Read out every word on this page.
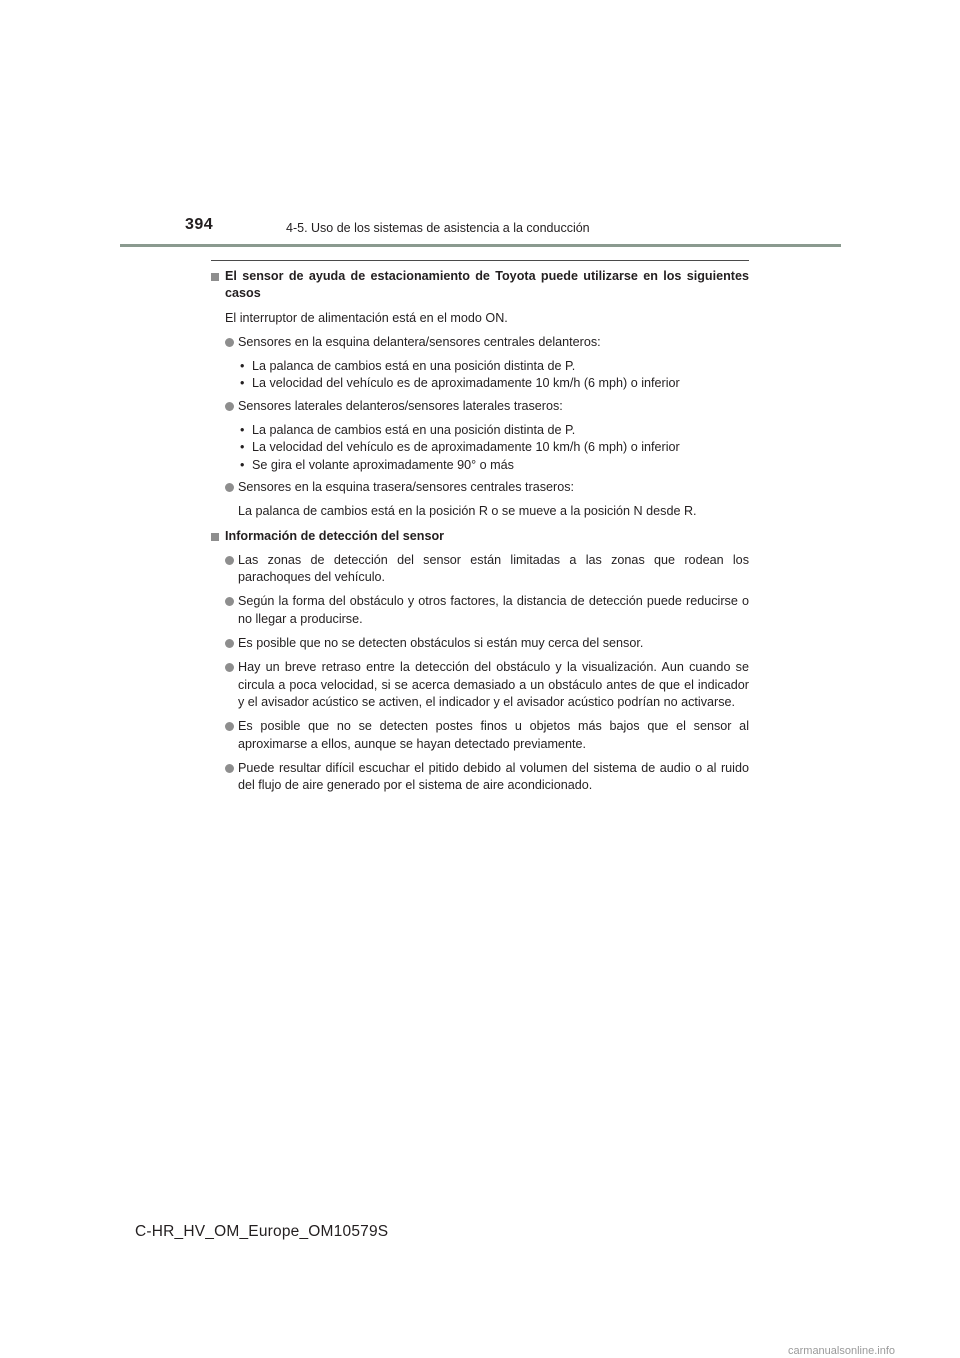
394	4-5. Uso de los sistemas de asistencia a la conducción
El sensor de ayuda de estacionamiento de Toyota puede utilizarse en los siguientes casos
El interruptor de alimentación está en el modo ON.
Sensores en la esquina delantera/sensores centrales delanteros:
• La palanca de cambios está en una posición distinta de P.
• La velocidad del vehículo es de aproximadamente 10 km/h (6 mph) o inferior
Sensores laterales delanteros/sensores laterales traseros:
• La palanca de cambios está en una posición distinta de P.
• La velocidad del vehículo es de aproximadamente 10 km/h (6 mph) o inferior
• Se gira el volante aproximadamente 90° o más
Sensores en la esquina trasera/sensores centrales traseros:
La palanca de cambios está en la posición R o se mueve a la posición N desde R.
Información de detección del sensor
Las zonas de detección del sensor están limitadas a las zonas que rodean los parachoques del vehículo.
Según la forma del obstáculo y otros factores, la distancia de detección puede reducirse o no llegar a producirse.
Es posible que no se detecten obstáculos si están muy cerca del sensor.
Hay un breve retraso entre la detección del obstáculo y la visualización. Aun cuando se circula a poca velocidad, si se acerca demasiado a un obstáculo antes de que el indicador y el avisador acústico se activen, el indicador y el avisador acústico podrían no activarse.
Es posible que no se detecten postes finos u objetos más bajos que el sensor al aproximarse a ellos, aunque se hayan detectado previamente.
Puede resultar difícil escuchar el pitido debido al volumen del sistema de audio o al ruido del flujo de aire generado por el sistema de aire acondicionado.
C-HR_HV_OM_Europe_OM10579S
carmanualsonline.info
